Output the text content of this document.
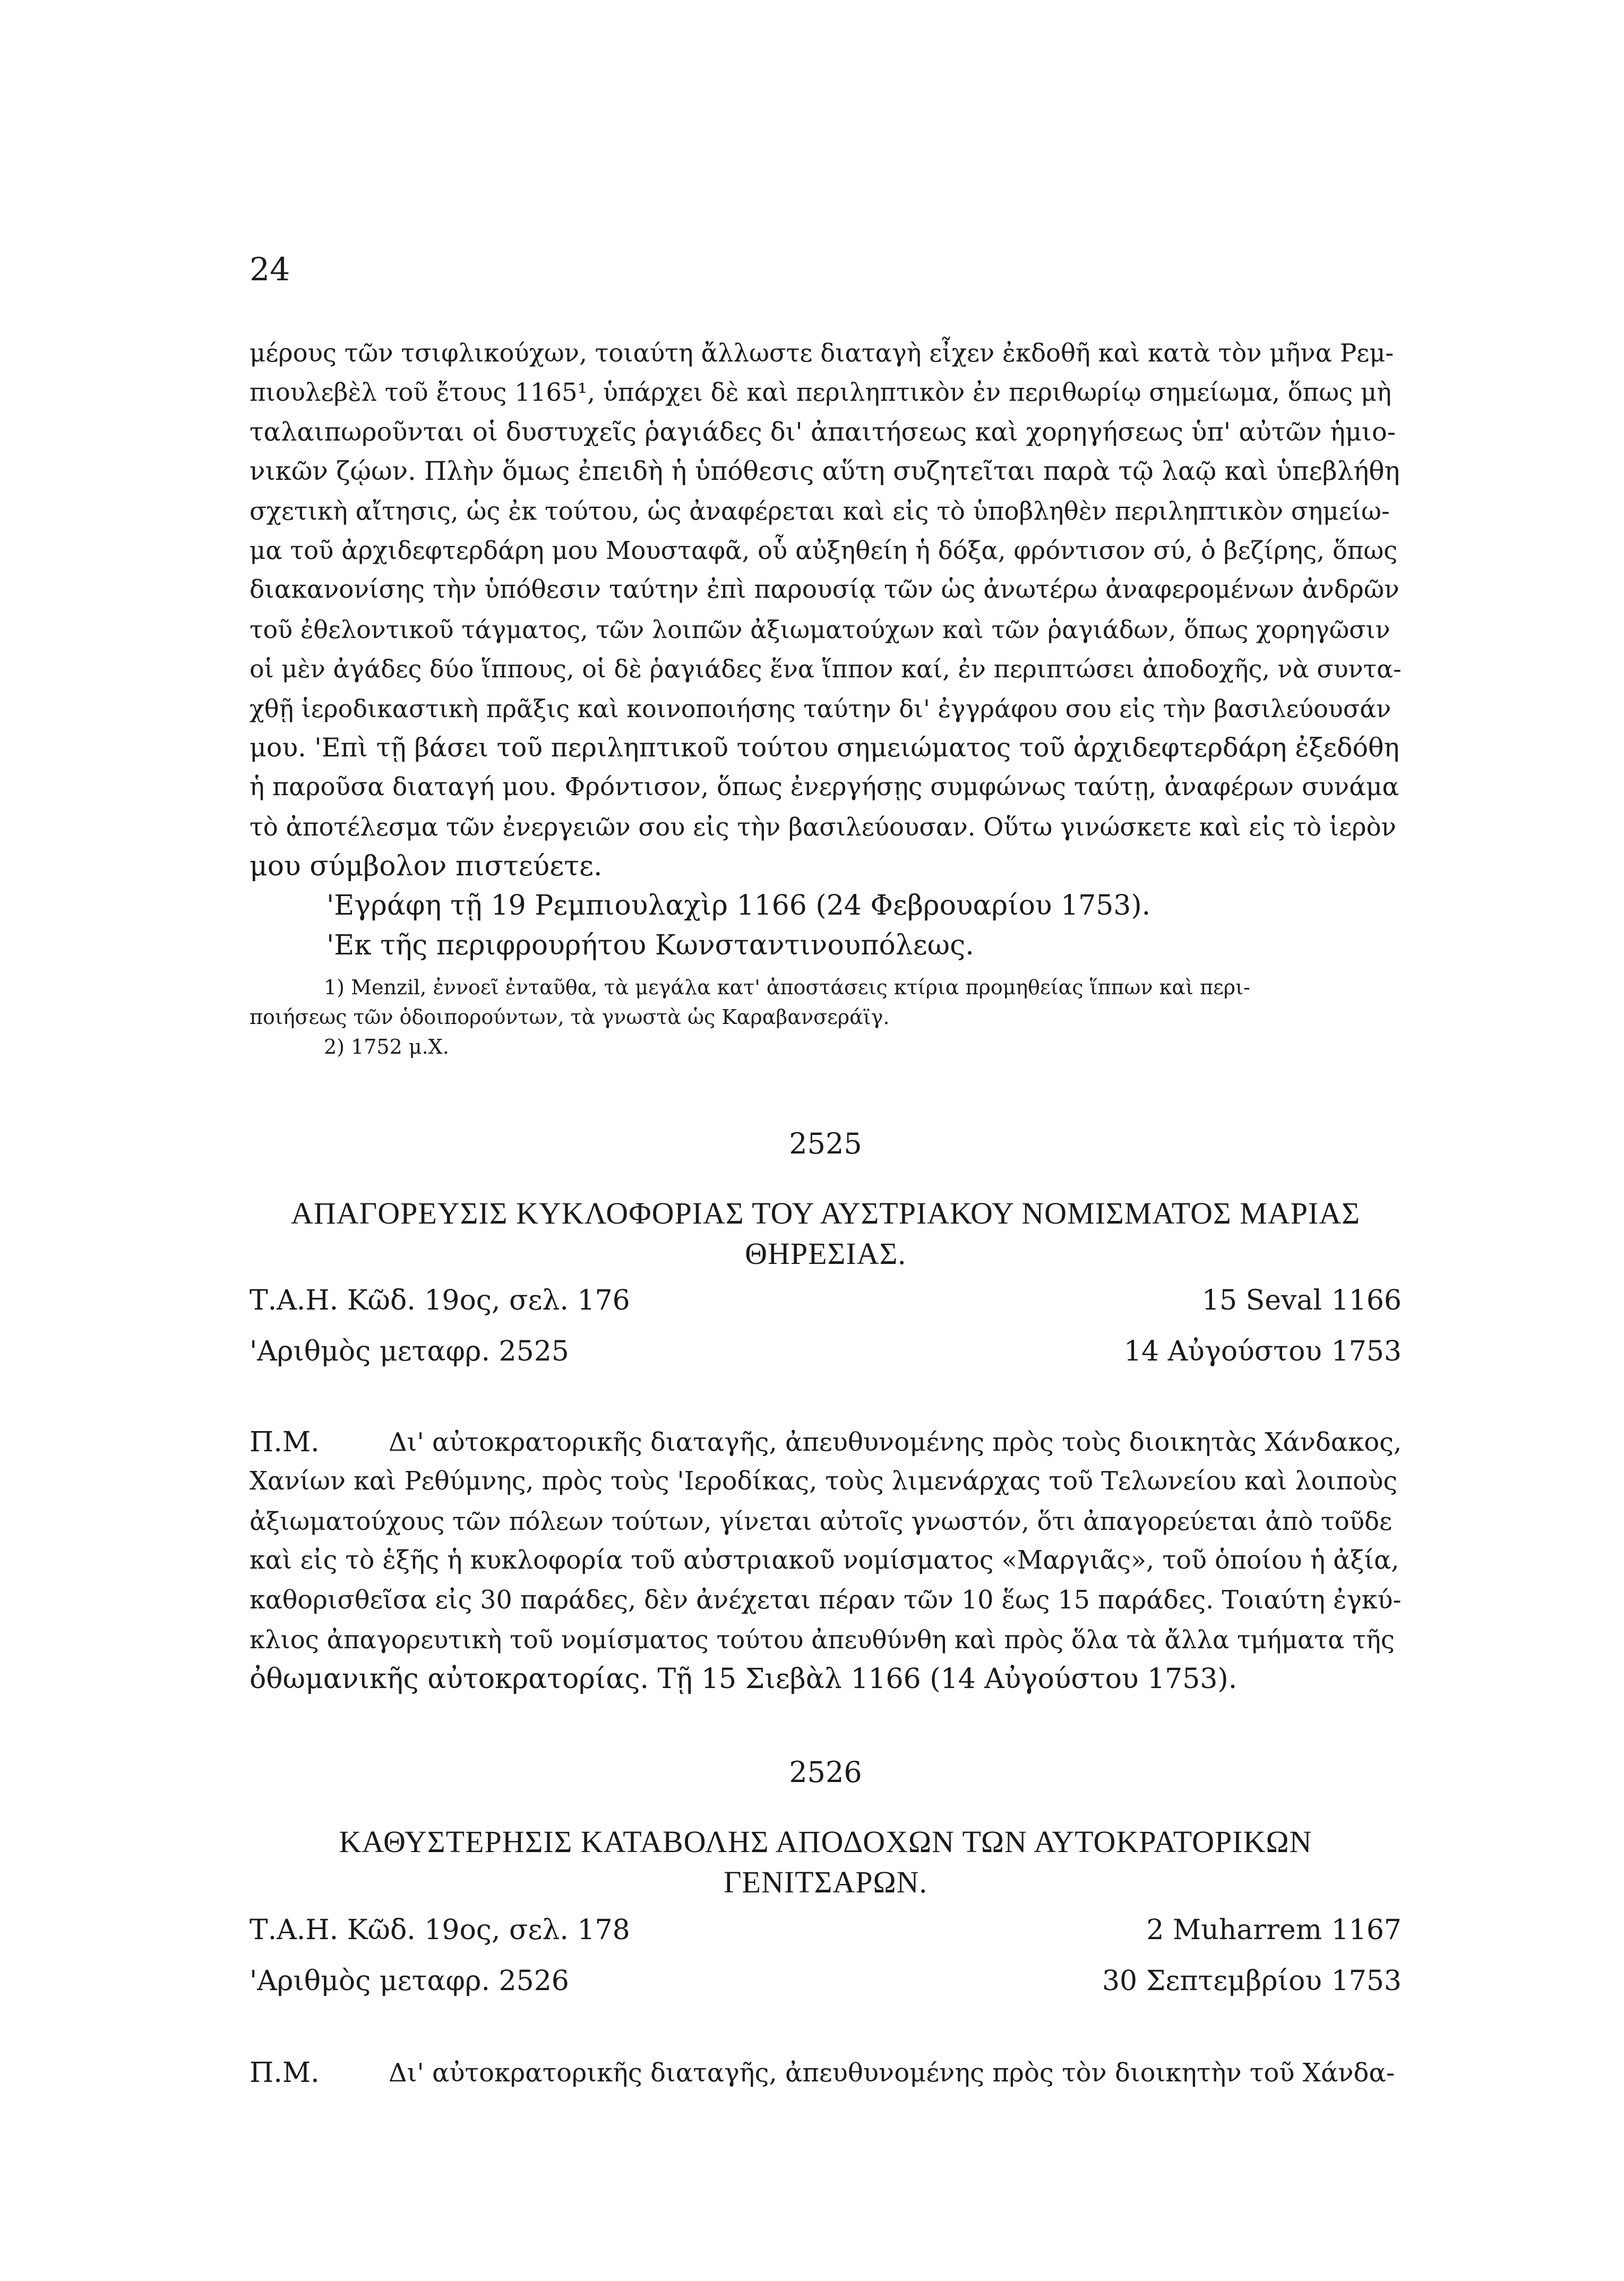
24
μέρους τῶν τσιφλικούχων, τοιαύτη ἄλλωστε διαταγὴ εἶχεν ἐκδοθῆ καὶ κατὰ τὸν μῆνα Ρεμ-
πιουλεβὲλ τοῦ ἔτους 1165¹, ὑπάρχει δὲ καὶ περιληπτικὸν ἐν περιθωρίῳ σημείωμα, ὅπως μὴ
ταλαιπωροῦνται οἱ δυστυχεῖς ῥαγιάδες δι' ἀπαιτήσεως καὶ χορηγήσεως ὑπ' αὐτῶν ἡμιο-
νικῶν ζῴων. Πλὴν ὅμως ἐπειδὴ ἡ ὑπόθεσις αὕτη συζητεῖται παρὰ τῷ λαῷ καὶ ὑπεβλήθη
σχετικὴ αἴτησις, ὡς ἐκ τούτου, ὡς ἀναφέρεται καὶ εἰς τὸ ὑποβληθὲν περιληπτικὸν σημείω-
μα τοῦ ἀρχιδεφτερδάρη μου Μουσταφᾶ, οὗ αὐξηθείη ἡ δόξα, φρόντισον σύ, ὁ βεζίρης, ὅπως
διακανονίσης τὴν ὑπόθεσιν ταύτην ἐπὶ παρουσίᾳ τῶν ὡς ἀνωτέρω ἀναφερομένων ἀνδρῶν
τοῦ ἐθελοντικοῦ τάγματος, τῶν λοιπῶν ἀξιωματούχων καὶ τῶν ῥαγιάδων, ὅπως χορηγῶσιν
οἱ μὲν ἀγάδες δύο ἵππους, οἱ δὲ ῥαγιάδες ἕνα ἵππον καί, ἐν περιπτώσει ἀποδοχῆς, νὰ συντα-
χθῇ ἱεροδικαστικὴ πρᾶξις καὶ κοινοποιήσης ταύτην δι' ἐγγράφου σου εἰς τὴν βασιλεύουσάν
μου. 'Επὶ τῇ βάσει τοῦ περιληπτικοῦ τούτου σημειώματος τοῦ ἀρχιδεφτερδάρη ἐξεδόθη
ἡ παροῦσα διαταγή μου. Φρόντισον, ὅπως ἐνεργήσῃς συμφώνως ταύτῃ, ἀναφέρων συνάμα
τὸ ἀποτέλεσμα τῶν ἐνεργειῶν σου εἰς τὴν βασιλεύουσαν. Οὕτω γινώσκετε καὶ εἰς τὸ ἱερὸν
μου σύμβολον πιστεύετε.
'Εγράφη τῇ 19 Ρεμπιουλαχὶρ 1166 (24 Φεβρουαρίου 1753).
'Εκ τῆς περιφρουρήτου Κωνσταντινουπόλεως.
1) Menzil, ἐννοεῖ ἐνταῦθα, τὰ μεγάλα κατ' ἀποστάσεις κτίρια προμηθείας ἵππων καὶ περι-
ποιήσεως τῶν ὁδοιπορούντων, τὰ γνωστὰ ὡς Καραβανσεράϊγ.
2) 1752 μ.Χ.
2525
ΑΠΑΓΟΡΕΥΣΙΣ ΚΥΚΛΟΦΟΡΙΑΣ ΤΟΥ ΑΥΣΤΡΙΑΚΟΥ ΝΟΜΙΣΜΑΤΟΣ ΜΑΡΙΑΣ
ΘΗΡΕΣΙΑΣ.
Τ.Α.Η. Κῶδ. 19ος, σελ. 176	15 Seval 1166
'Αριθμὸς μεταφρ. 2525	14 Αὐγούστου 1753
Π.Μ.	Δι' αὐτοκρατορικῆς διαταγῆς, ἀπευθυνομένης πρὸς τοὺς διοικητὰς Χάνδακος,
Χανίων καὶ Ρεθύμνης, πρὸς τοὺς 'Ιεροδίκας, τοὺς λιμενάρχας τοῦ Τελωνείου καὶ λοιποὺς
ἀξιωματούχους τῶν πόλεων τούτων, γίνεται αὐτοῖς γνωστόν, ὅτι ἀπαγορεύεται ἀπὸ τοῦδε
καὶ εἰς τὸ ἑξῆς ἡ κυκλοφορία τοῦ αὐστριακοῦ νομίσματος «Μαργιᾶς», τοῦ ὁποίου ἡ ἀξία,
καθορισθεῖσα εἰς 30 παράδες, δὲν ἀνέχεται πέραν τῶν 10 ἕως 15 παράδες. Τοιαύτη ἐγκύ-
κλιος ἀπαγορευτικὴ τοῦ νομίσματος τούτου ἀπευθύνθη καὶ πρὸς ὅλα τὰ ἄλλα τμήματα τῆς
ὀθωμανικῆς αὐτοκρατορίας. Τῇ 15 Σιεβὰλ 1166 (14 Αὐγούστου 1753).
2526
ΚΑΘΥΣΤΕΡΗΣΙΣ ΚΑΤΑΒΟΛΗΣ ΑΠΟΔΟΧΩΝ ΤΩΝ ΑΥΤΟΚΡΑΤΟΡΙΚΩΝ
ΓΕΝΙΤΣΑΡΩΝ.
Τ.Α.Η. Κῶδ. 19ος, σελ. 178	2 Muharrem 1167
'Αριθμὸς μεταφρ. 2526	30 Σεπτεμβρίου 1753
Π.Μ.	Δι' αὐτοκρατορικῆς διαταγῆς, ἀπευθυνομένης πρὸς τὸν διοικητὴν τοῦ Χάνδα-
